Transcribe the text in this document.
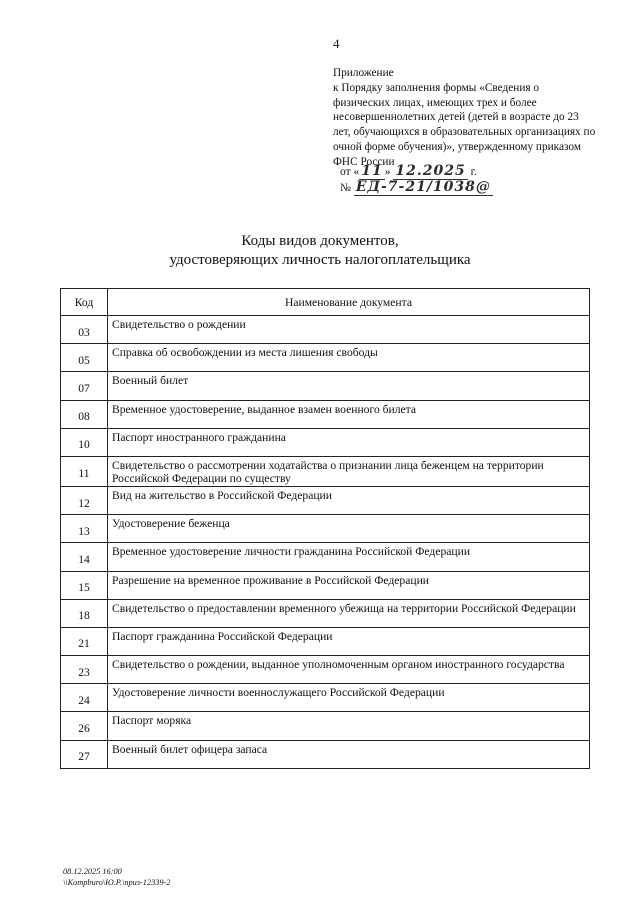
4
Приложение
к Порядку заполнения формы «Сведения о
физических лицах, имеющих трех и более
несовершеннолетних детей (детей в возрасте до 23
лет, обучающихся в образовательных организациях по
очной форме обучения)», утвержденному приказом
ФНС России
от « 11 » 12.2025 г.
№ ЕД-7-21/1038@
Коды видов документов,
удостоверяющих личность налогоплательщика
Код	Наименование документа
03	Свидетельство о рождении
05	Справка об освобождении из места лишения свободы
07	Военный билет
08	Временное удостоверение, выданное взамен военного билета
10	Паспорт иностранного гражданина
11	Свидетельство о рассмотрении ходатайства о признании лица беженцем на территории Российской Федерации по существу
12	Вид на жительство в Российской Федерации
13	Удостоверение беженца
14	Временное удостоверение личности гражданина Российской Федерации
15	Разрешение на временное проживание в Российской Федерации
18	Свидетельство о предоставлении временного убежища на территории Российской Федерации
21	Паспорт гражданина Российской Федерации
23	Свидетельство о рождении, выданное уполномоченным органом иностранного государства
24	Удостоверение личности военнослужащего Российской Федерации
26	Паспорт моряка
27	Военный билет офицера запаса
08.12.2025 16:00
\\Kompburo\Ю.Р.\приз-12339-2
